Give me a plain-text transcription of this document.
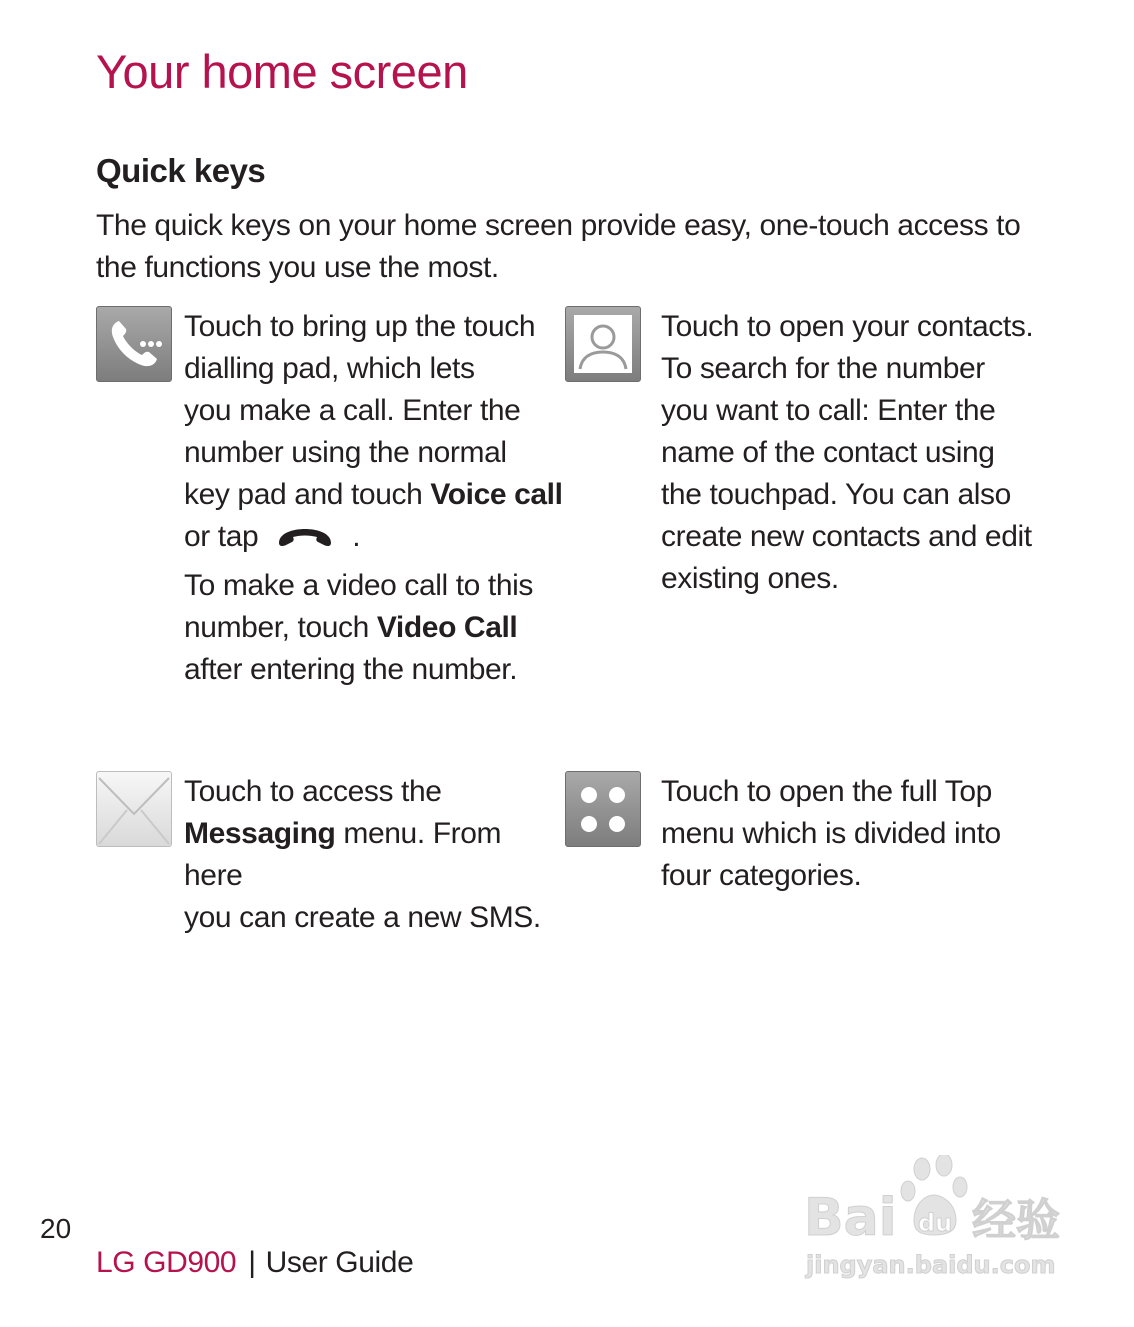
Your home screen
Quick keys

The quick keys on your home screen provide easy, one-touch access to the functions you use the most.

Touch to bring up the touch
dialling pad, which lets
you make a call. Enter the
number using the normal
key pad and touch Voice call
or tap	.

To make a video call to this
number, touch Video Call
after entering the number.

Touch to open your contacts.
To search for the number
you want to call: Enter the
name of the contact using
the touchpad. You can also
create new contacts and edit
existing ones.

Touch to access the
Messaging menu. From here
you can create a new SMS.

Touch to open the full Top
menu which is divided into
four categories.

20

LG GD900 | User Guide

Bai du 经验
jingyan.baidu.com
